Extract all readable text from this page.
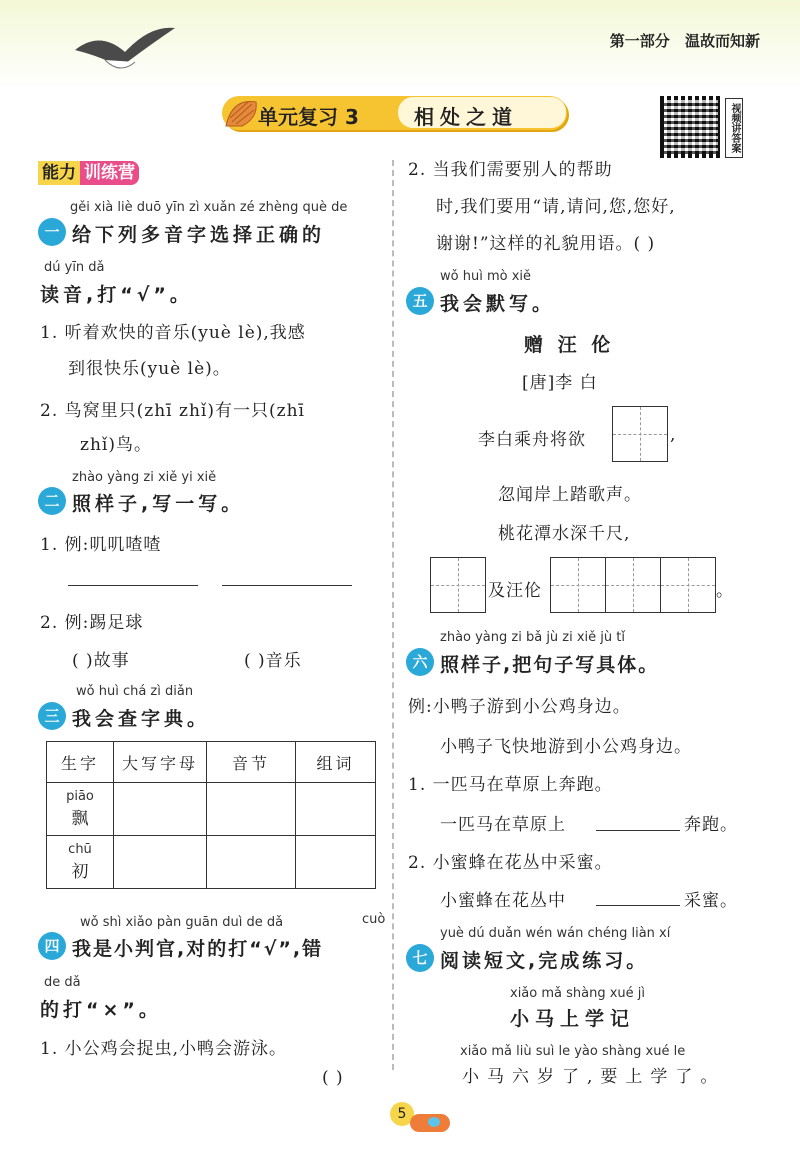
第一部分 温故而知新
单元复习 3	相处之道	视频讲答案
能力 训练营
gěi xià liè duō yīn zì xuǎn zé zhèng què de
一 给下列多音字选择正确的
dú yīn dǎ
读音,打“√”。
1. 听着欢快的音乐(yuè lè),我感
到很快乐(yuè lè)。
2. 鸟窝里只(zhī zhǐ)有一只(zhī
zhǐ)鸟。
zhào yàng zi xiě yi xiě
二 照样子,写一写。
1. 例:叽叽喳喳
2. 例:踢足球
( )故事	( )音乐
wǒ huì chá zì diǎn
三 我会查字典。
生字	大写字母	音节	组词

piāo
飘			

chū
初			

wǒ shì xiǎo pàn guān duì de dǎ	cuò
四 我是小判官,对的打“√”,错
de dǎ
的打“×”。
1. 小公鸡会捉虫,小鸭会游泳。
( )
2. 当我们需要别人的帮助
时,我们要用“请,请问,您,您好,
谢谢!”这样的礼貌用语。( )
wǒ huì mò xiě
五 我会默写。
赠 汪 伦
[唐]李 白
李白乘舟将欲	,
忽闻岸上踏歌声。
桃花潭水深千尺,
及汪伦	。
zhào yàng zi bǎ jù zi xiě jù tǐ
六 照样子,把句子写具体。
例:小鸭子游到小公鸡身边。
小鸭子飞快地游到小公鸡身边。
1. 一匹马在草原上奔跑。
一匹马在草原上	奔跑。
2. 小蜜蜂在花丛中采蜜。
小蜜蜂在花丛中	采蜜。
yuè dú duǎn wén wán chéng liàn xí
七 阅读短文,完成练习。
xiǎo mǎ shàng xué jì
小马上学记
xiǎo mǎ liù suì le yào shàng xué le
小马六岁了,要上学了。
5
